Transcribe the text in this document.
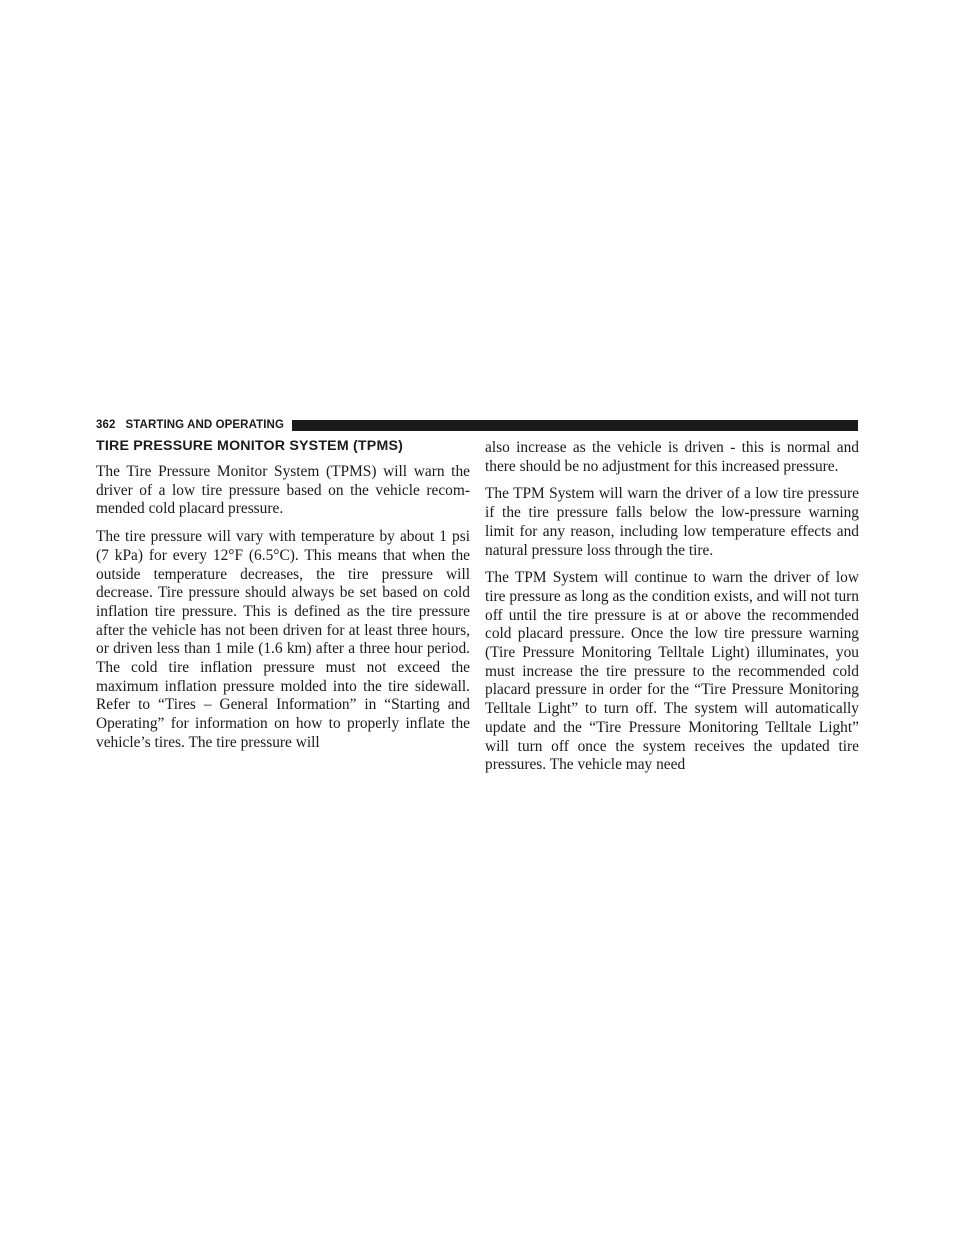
362 STARTING AND OPERATING
TIRE PRESSURE MONITOR SYSTEM (TPMS)

The Tire Pressure Monitor System (TPMS) will warn the driver of a low tire pressure based on the vehicle recommended cold placard pressure.

The tire pressure will vary with temperature by about 1 psi (7 kPa) for every 12°F (6.5°C). This means that when the outside temperature decreases, the tire pressure will decrease. Tire pressure should always be set based on cold inflation tire pressure. This is defined as the tire pressure after the vehicle has not been driven for at least three hours, or driven less than 1 mile (1.6 km) after a three hour period. The cold tire inflation pressure must not exceed the maximum inflation pressure molded into the tire sidewall. Refer to “Tires – General Information” in “Starting and Operating” for information on how to properly inflate the vehicle’s tires. The tire pressure will

also increase as the vehicle is driven - this is normal and there should be no adjustment for this increased pressure.

The TPM System will warn the driver of a low tire pressure if the tire pressure falls below the low-pressure warning limit for any reason, including low temperature effects and natural pressure loss through the tire.

The TPM System will continue to warn the driver of low tire pressure as long as the condition exists, and will not turn off until the tire pressure is at or above the recommended cold placard pressure. Once the low tire pressure warning (Tire Pressure Monitoring Telltale Light) illuminates, you must increase the tire pressure to the recommended cold placard pressure in order for the “Tire Pressure Monitoring Telltale Light” to turn off. The system will automatically update and the “Tire Pressure Monitoring Telltale Light” will turn off once the system receives the updated tire pressures. The vehicle may need
